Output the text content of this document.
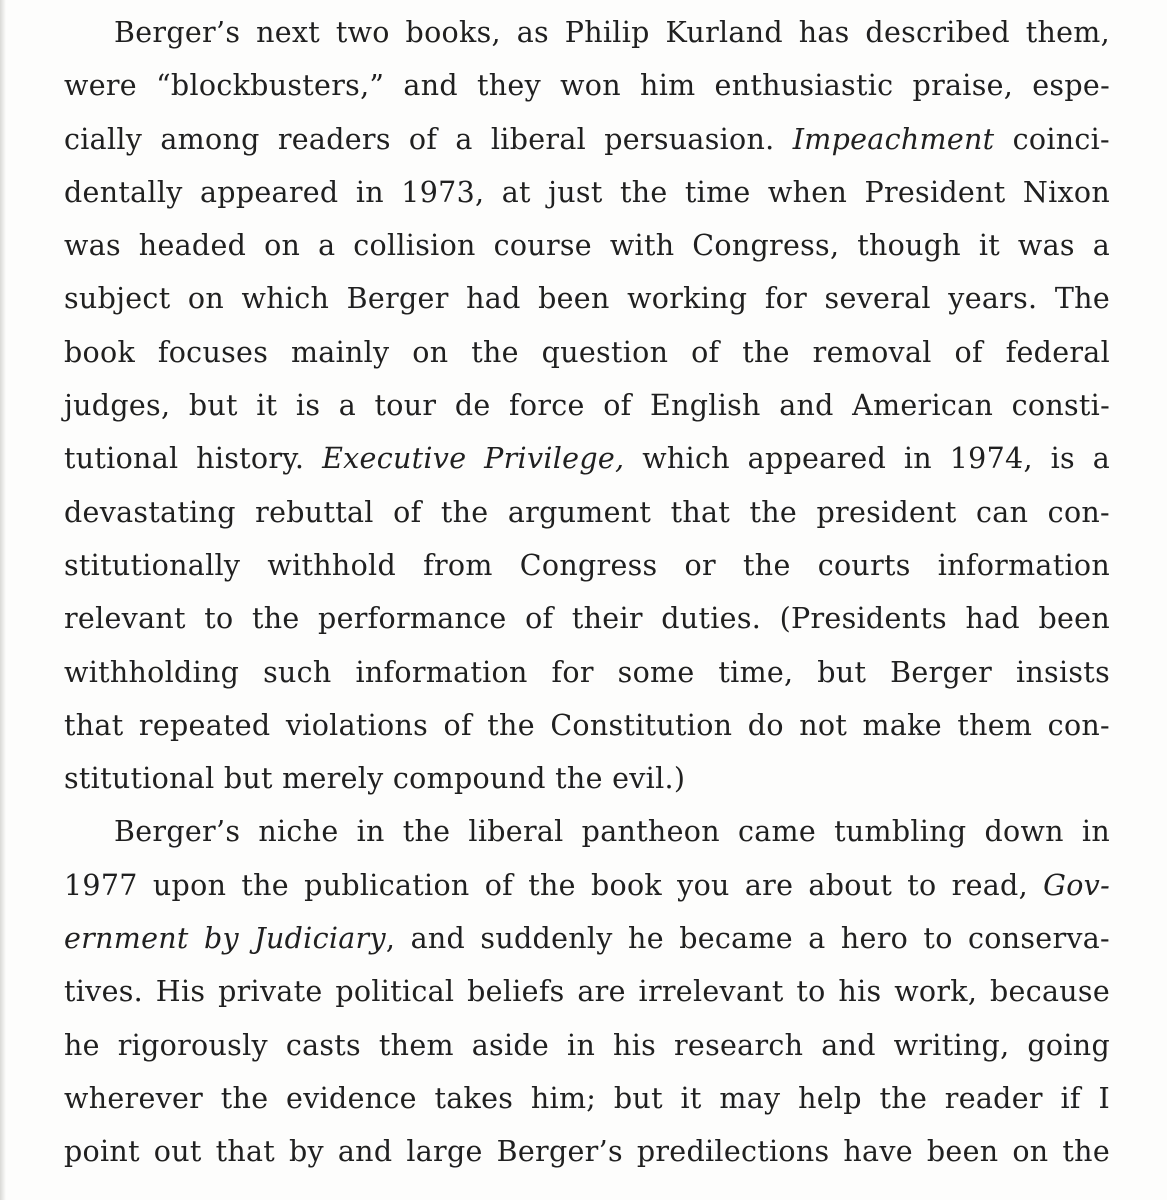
Berger’s next two books, as Philip Kurland has described them,
were “blockbusters,” and they won him enthusiastic praise, espe-
cially among readers of a liberal persuasion. Impeachment coinci-
dentally appeared in 1973, at just the time when President Nixon
was headed on a collision course with Congress, though it was a
subject on which Berger had been working for several years. The
book focuses mainly on the question of the removal of federal
judges, but it is a tour de force of English and American consti-
tutional history. Executive Privilege, which appeared in 1974, is a
devastating rebuttal of the argument that the president can con-
stitutionally withhold from Congress or the courts information
relevant to the performance of their duties. (Presidents had been
withholding such information for some time, but Berger insists
that repeated violations of the Constitution do not make them con-
stitutional but merely compound the evil.)
Berger’s niche in the liberal pantheon came tumbling down in
1977 upon the publication of the book you are about to read, Gov-
ernment by Judiciary, and suddenly he became a hero to conserva-
tives. His private political beliefs are irrelevant to his work, because
he rigorously casts them aside in his research and writing, going
wherever the evidence takes him; but it may help the reader if I
point out that by and large Berger’s predilections have been on the
